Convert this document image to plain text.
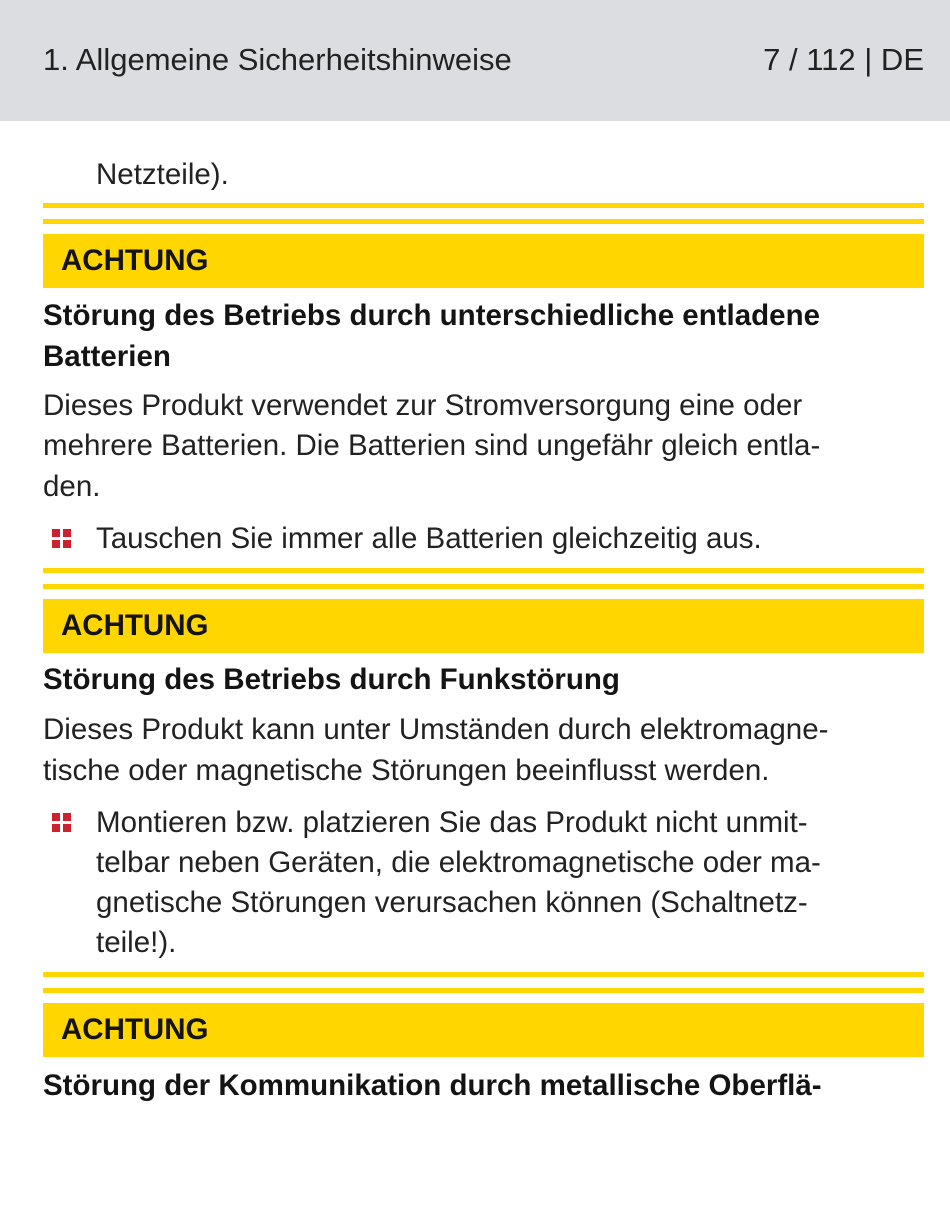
1. Allgemeine Sicherheitshinweise	7 / 112 | DE
Netzteile).
ACHTUNG
Störung des Betriebs durch unterschiedliche entladene
Batterien
Dieses Produkt verwendet zur Stromversorgung eine oder
mehrere Batterien. Die Batterien sind ungefähr gleich entla-
den.
Tauschen Sie immer alle Batterien gleichzeitig aus.
ACHTUNG
Störung des Betriebs durch Funkstörung
Dieses Produkt kann unter Umständen durch elektromagne-
tische oder magnetische Störungen beeinflusst werden.
Montieren bzw. platzieren Sie das Produkt nicht unmit-
telbar neben Geräten, die elektromagnetische oder ma-
gnetische Störungen verursachen können (Schaltnetz-
teile!).
ACHTUNG
Störung der Kommunikation durch metallische Oberflä-
